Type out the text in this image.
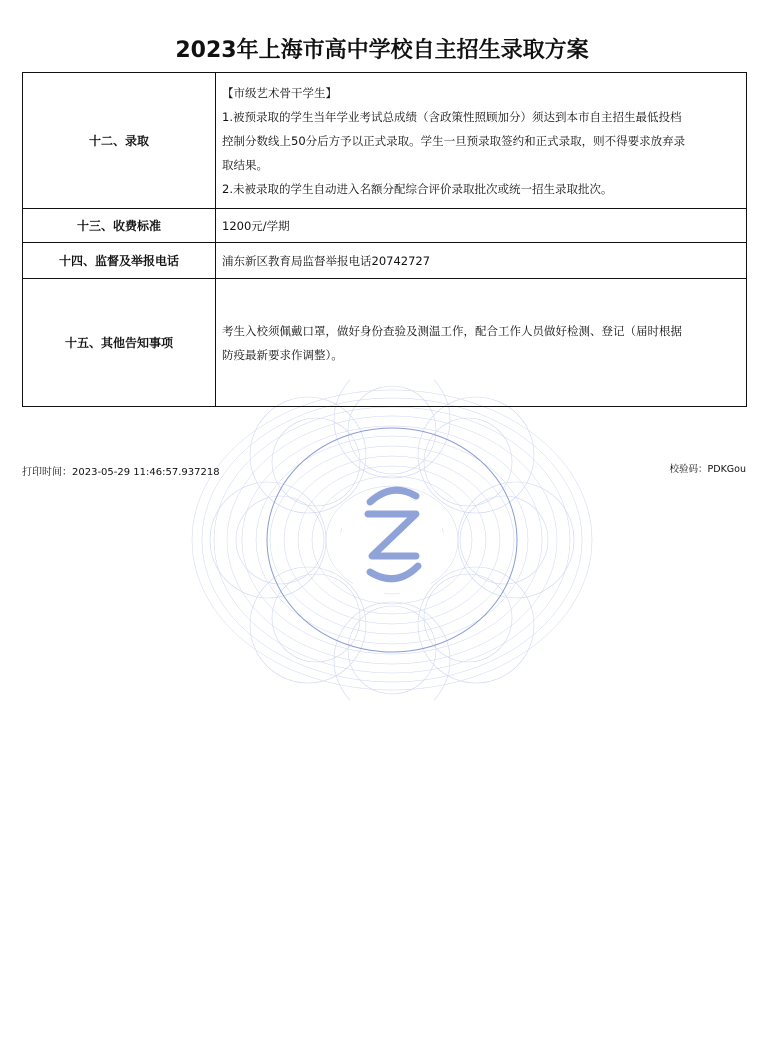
2023年上海市高中学校自主招生录取方案
十二、录取	【市级艺术骨干学生】
1.被预录取的学生当年学业考试总成绩（含政策性照顾加分）须达到本市自主招生最低投档
控制分数线上50分后方予以正式录取。学生一旦预录取签约和正式录取，则不得要求放弃录
取结果。
2.未被录取的学生自动进入名额分配综合评价录取批次或统一招生录取批次。

十三、收费标准	1200元/学期

十四、监督及举报电话	浦东新区教育局监督举报电话20742727

十五、其他告知事项	考生入校须佩戴口罩，做好身份查验及测温工作，配合工作人员做好检测、登记（届时根据
防疫最新要求作调整）。
打印时间：2023-05-29 11:46:57.937218	校验码：PDKGou
